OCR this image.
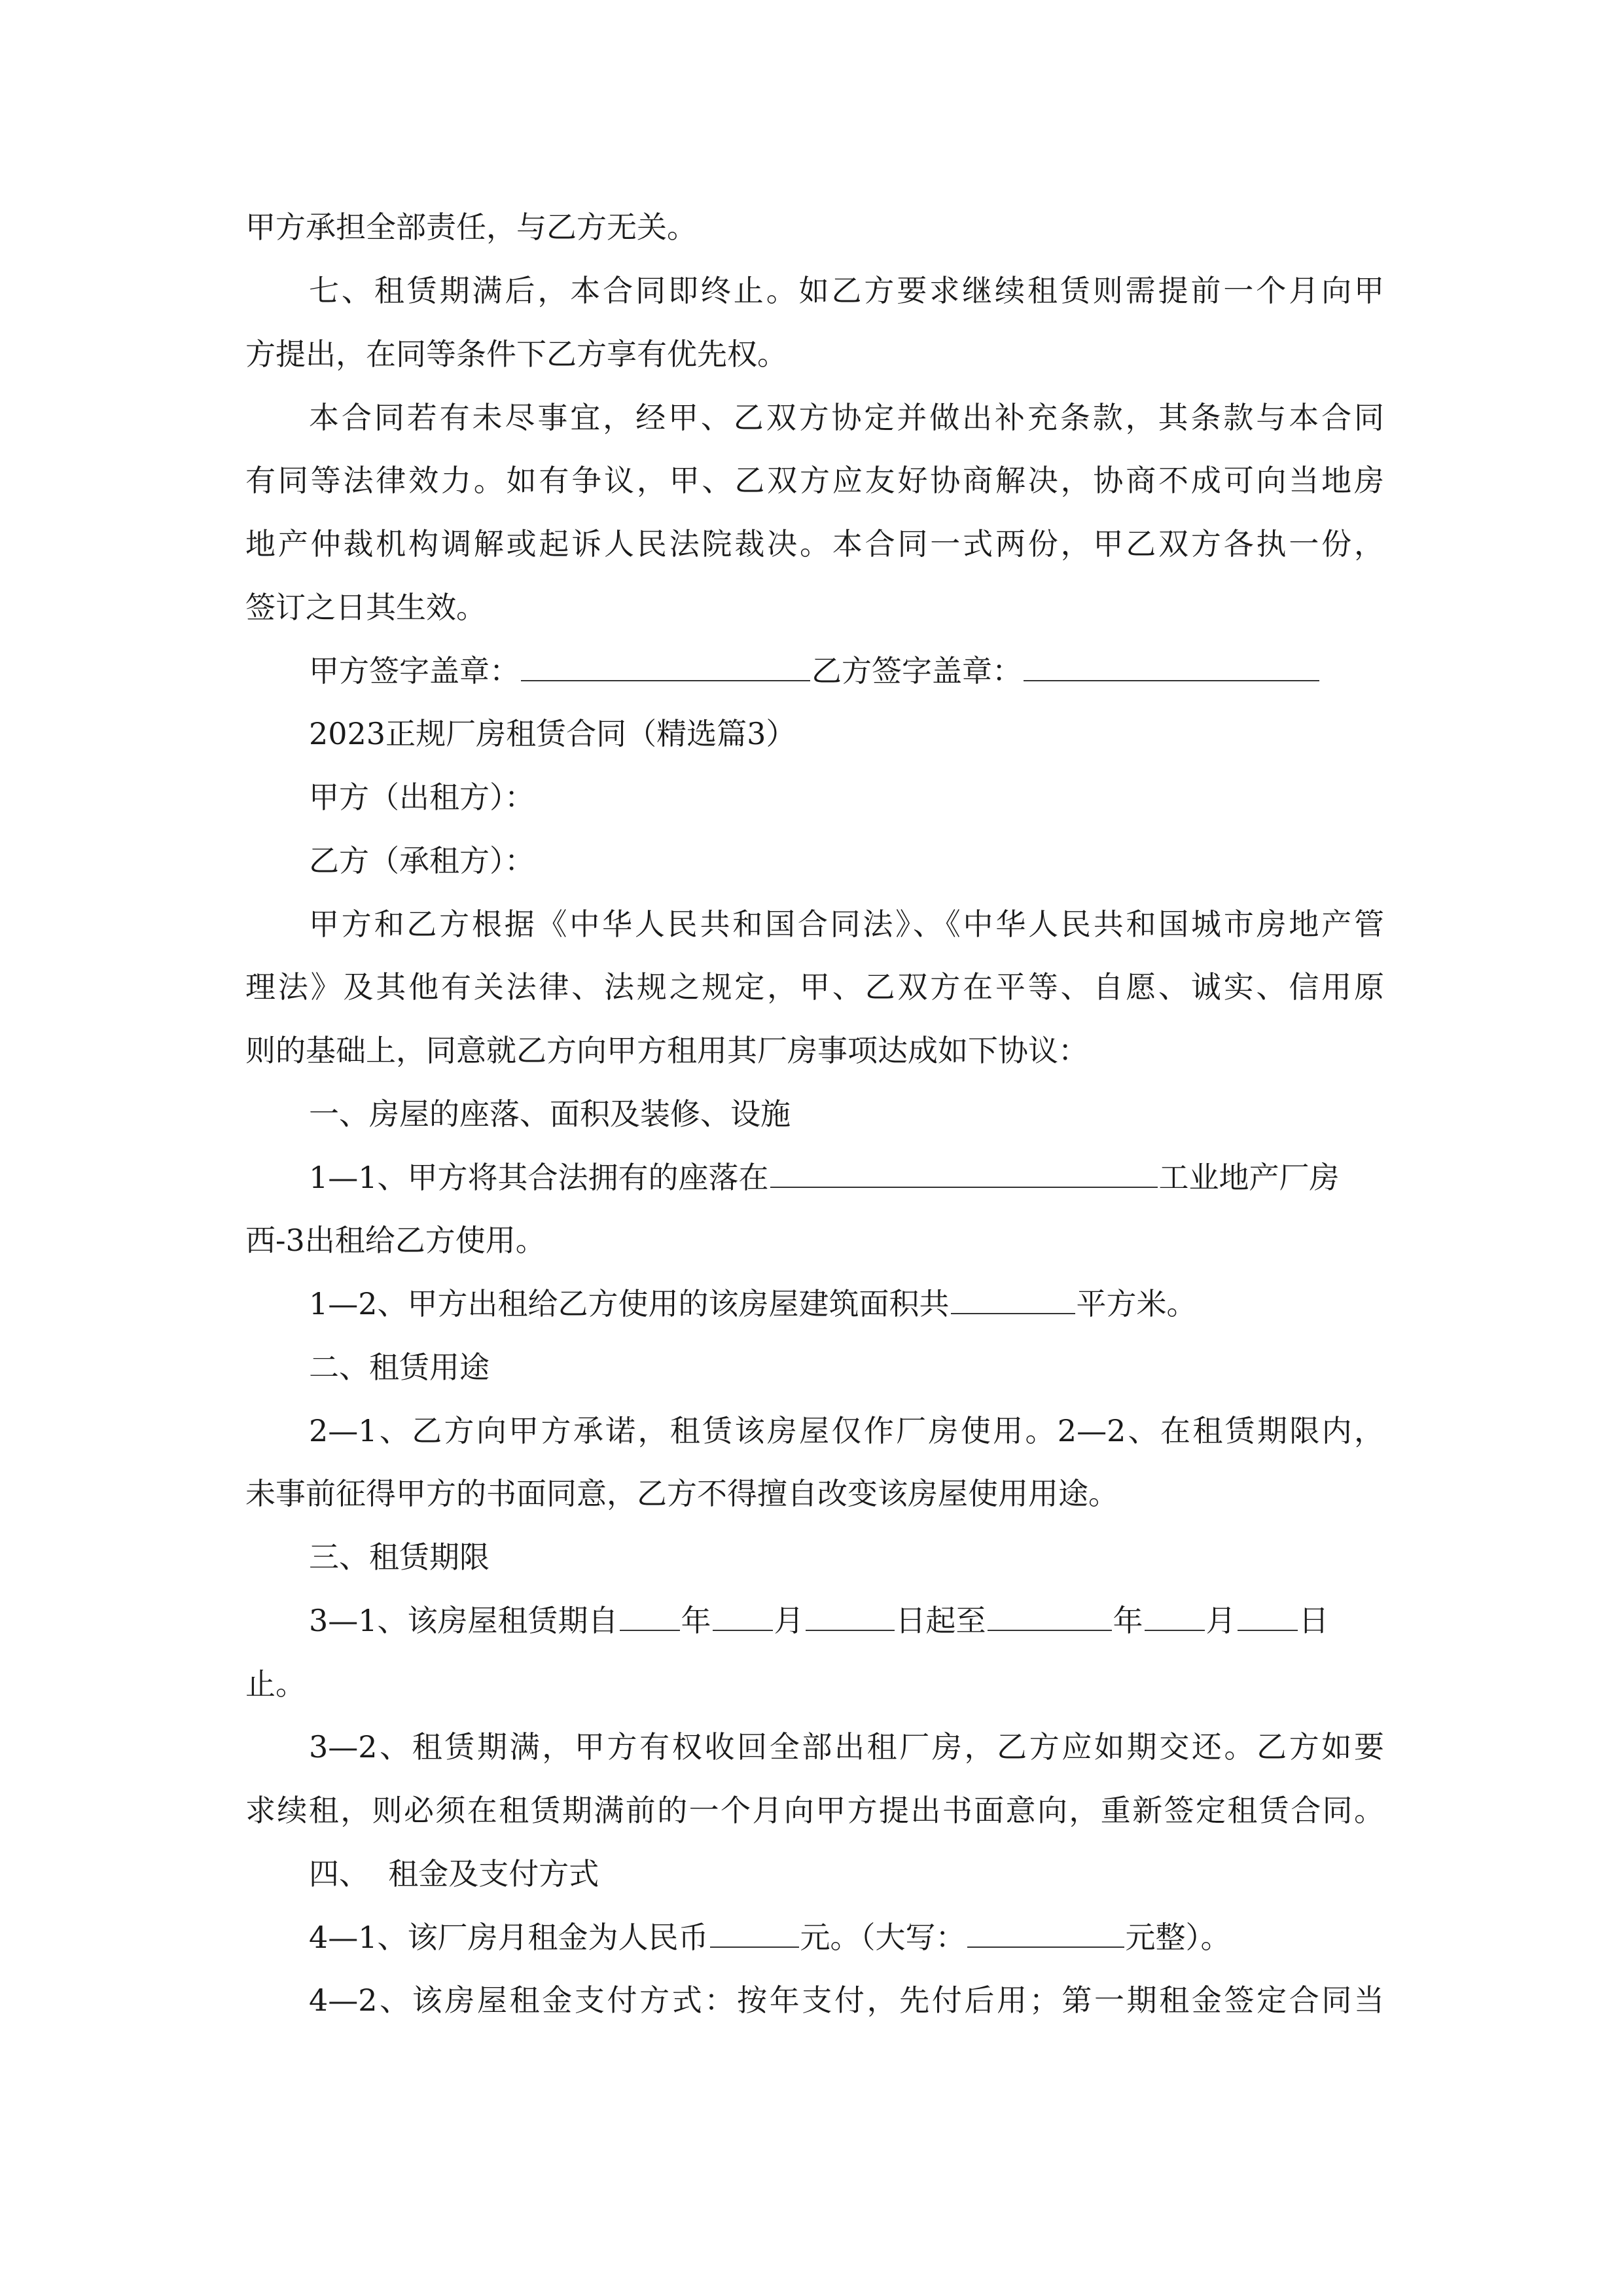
甲方承担全部责任，与乙方无关。
七、租赁期满后，本合同即终止。如乙方要求继续租赁则需提前一个月向甲
方提出，在同等条件下乙方享有优先权。
本合同若有未尽事宜，经甲、乙双方协定并做出补充条款，其条款与本合同
有同等法律效力。如有争议，甲、乙双方应友好协商解决，协商不成可向当地房
地产仲裁机构调解或起诉人民法院裁决。本合同一式两份，甲乙双方各执一份，
签订之日其生效。
甲方签字盖章：	乙方签字盖章：
2023正规厂房租赁合同（精选篇3）
甲方（出租方）：
乙方（承租方）：
甲方和乙方根据《中华人民共和国合同法》、《中华人民共和国城市房地产管
理法》及其他有关法律、法规之规定，甲、乙双方在平等、自愿、诚实、信用原
则的基础上，同意就乙方向甲方租用其厂房事项达成如下协议：
一、房屋的座落、面积及装修、设施
1—1、甲方将其合法拥有的座落在	工业地产厂房
西-3出租给乙方使用。
1—2、甲方出租给乙方使用的该房屋建筑面积共	平方米。
二、租赁用途
2—1、乙方向甲方承诺，租赁该房屋仅作厂房使用。2—2、在租赁期限内，
未事前征得甲方的书面同意，乙方不得擅自改变该房屋使用用途。
三、租赁期限
3—1、该房屋租赁期自 年 月	日起至	年 月 日
止。
3—2、租赁期满，甲方有权收回全部出租厂房，乙方应如期交还。乙方如要
求续租，则必须在租赁期满前的一个月向甲方提出书面意向，重新签定租赁合同。
四、  租金及支付方式
4—1、该厂房月租金为人民币	元。（大写：	元整）。
4—2、该房屋租金支付方式：按年支付，先付后用；第一期租金签定合同当
